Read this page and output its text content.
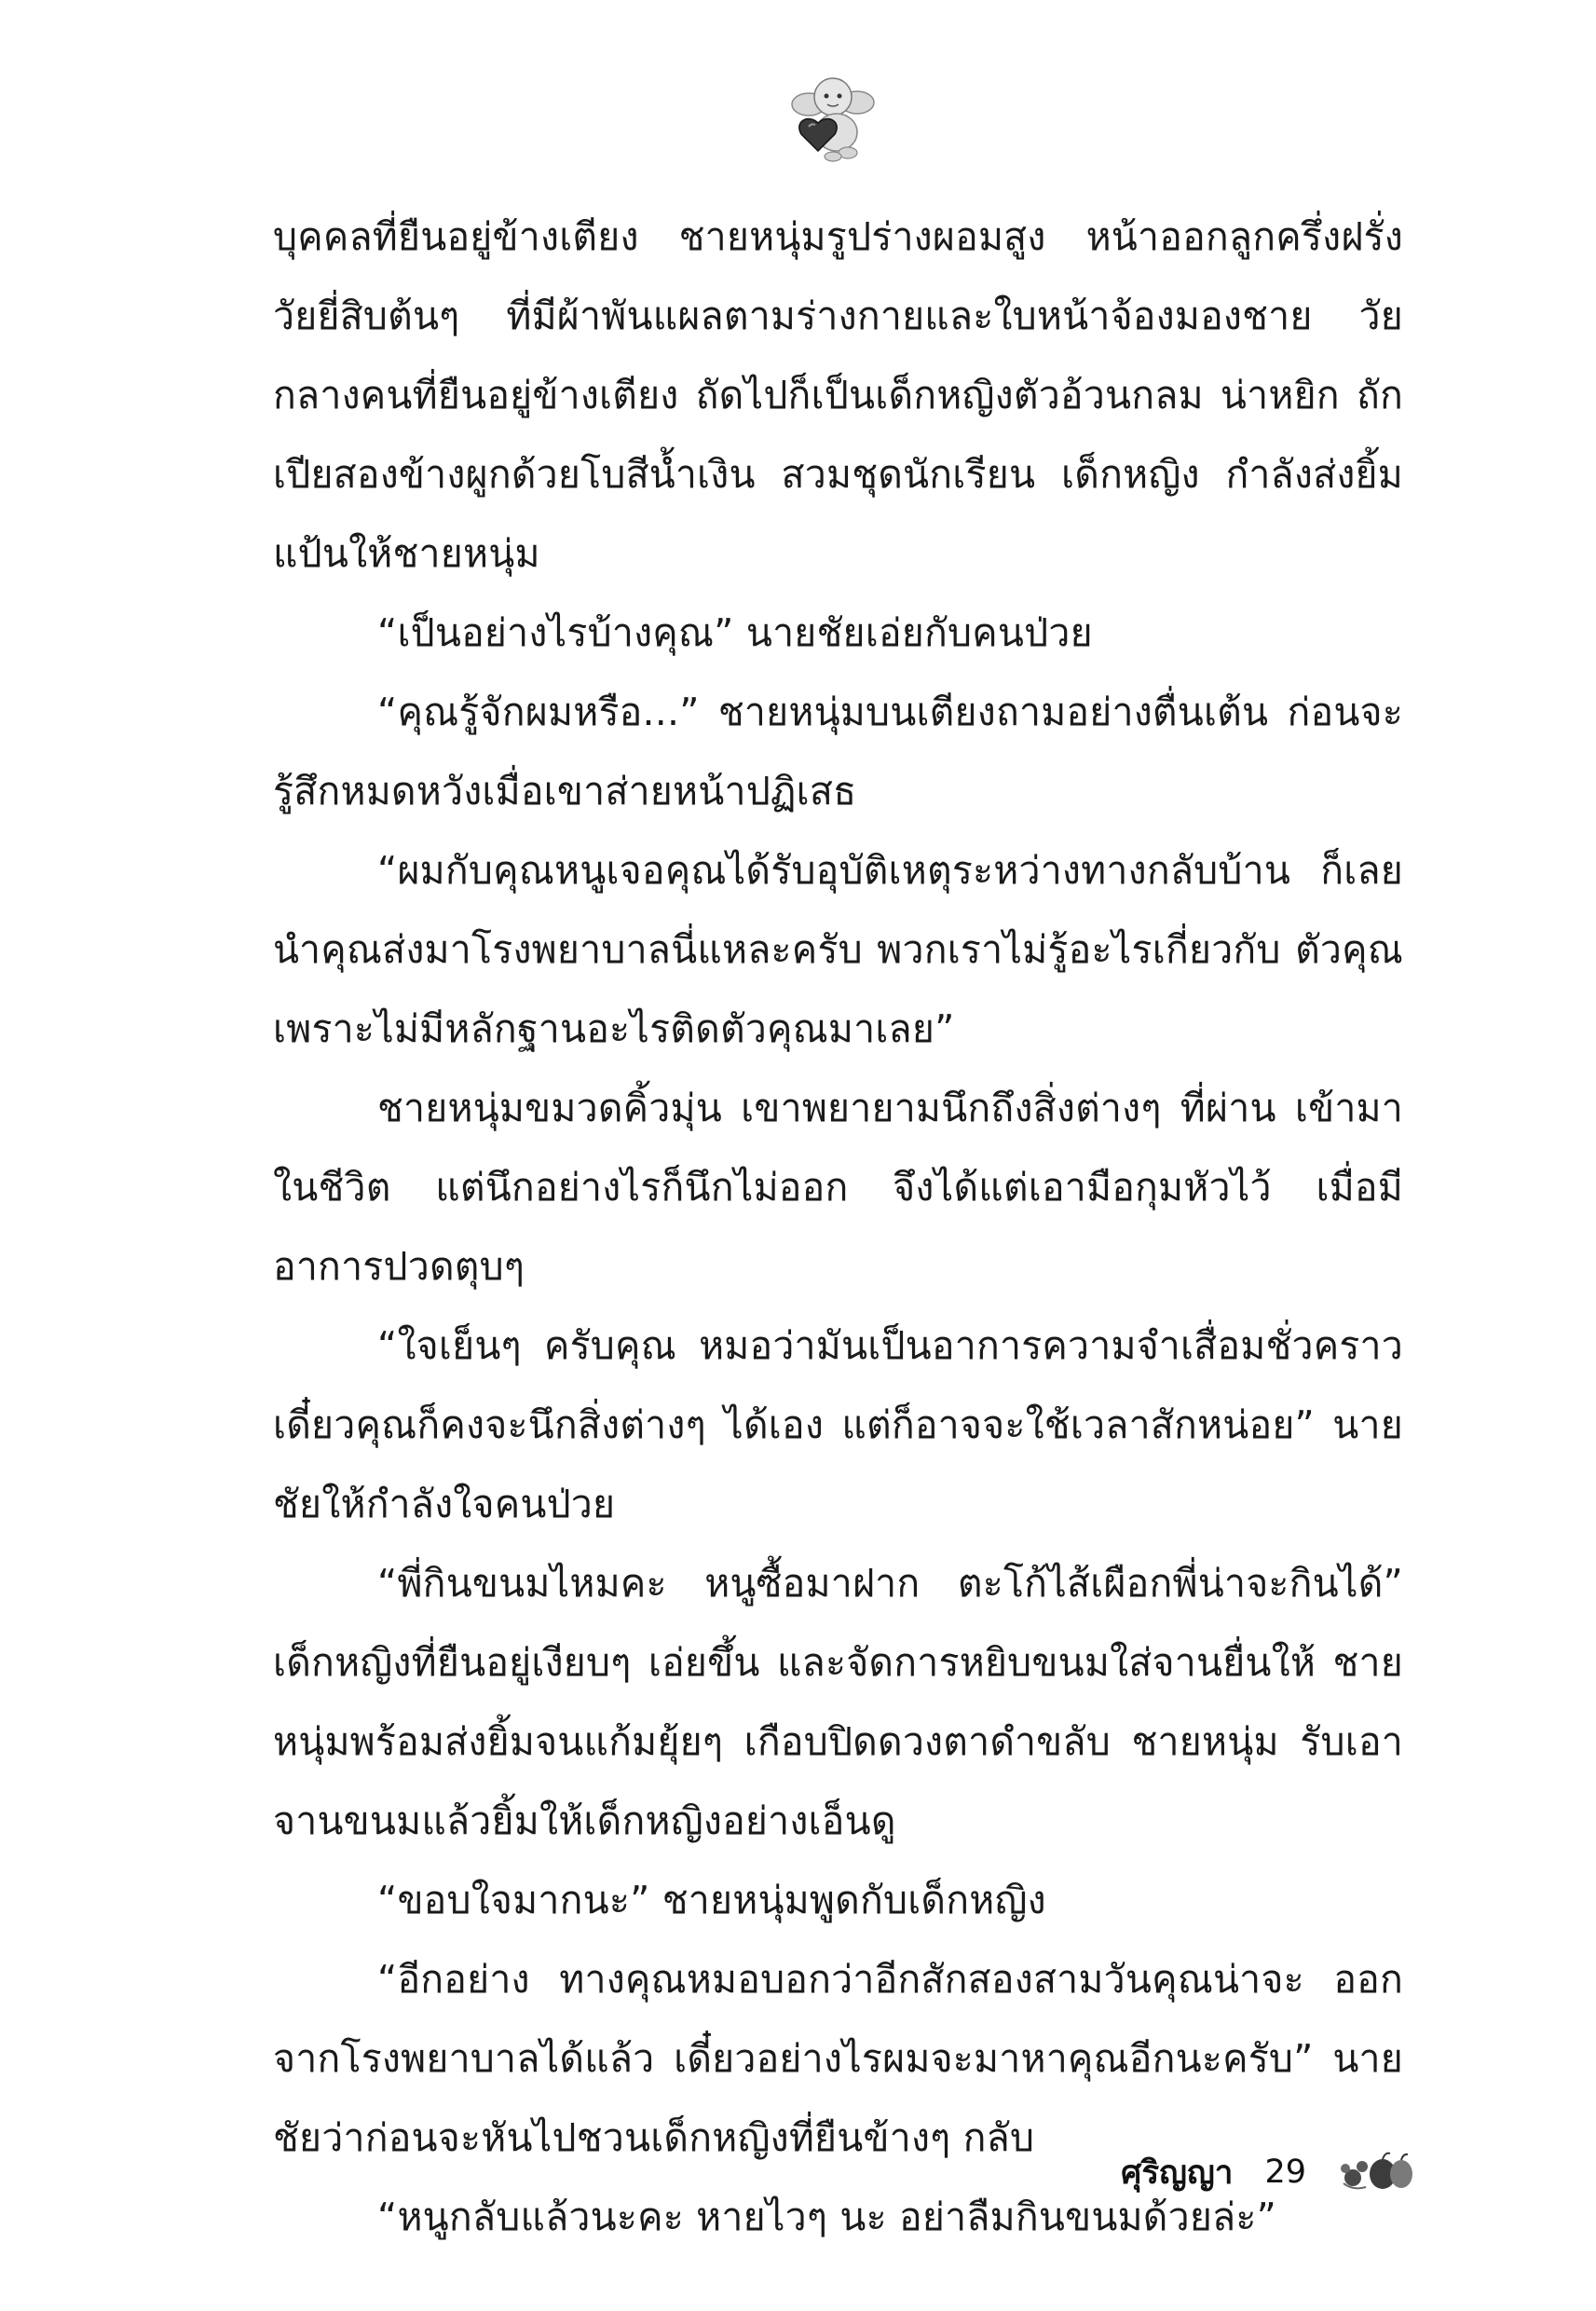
บุคคลที่ยืนอยู่ข้างเตียง ชายหนุ่มรูปร่างผอมสูง หน้าออกลูกครึ่งฝรั่ง วัยยี่สิบต้นๆ ที่มีผ้าพันแผลตามร่างกายและใบหน้าจ้องมองชาย วัยกลางคนที่ยืนอยู่ข้างเตียง ถัดไปก็เป็นเด็กหญิงตัวอ้วนกลม น่าหยิก ถักเปียสองข้างผูกด้วยโบสีน้ำเงิน สวมชุดนักเรียน เด็กหญิง กำลังส่งยิ้มแป้นให้ชายหนุ่ม

“เป็นอย่างไรบ้างคุณ” นายชัยเอ่ยกับคนป่วย

“คุณรู้จักผมหรือ...” ชายหนุ่มบนเตียงถามอย่างตื่นเต้น ก่อนจะรู้สึกหมดหวังเมื่อเขาส่ายหน้าปฏิเสธ

“ผมกับคุณหนูเจอคุณได้รับอุบัติเหตุระหว่างทางกลับบ้าน ก็เลยนำคุณส่งมาโรงพยาบาลนี่แหละครับ พวกเราไม่รู้อะไรเกี่ยวกับ ตัวคุณ เพราะไม่มีหลักฐานอะไรติดตัวคุณมาเลย”

ชายหนุ่มขมวดคิ้วมุ่น เขาพยายามนึกถึงสิ่งต่างๆ ที่ผ่าน เข้ามาในชีวิต แต่นึกอย่างไรก็นึกไม่ออก จึงได้แต่เอามือกุมหัวไว้ เมื่อมีอาการปวดตุบๆ

“ใจเย็นๆ ครับคุณ หมอว่ามันเป็นอาการความจำเสื่อมชั่วคราว เดี๋ยวคุณก็คงจะนึกสิ่งต่างๆ ได้เอง แต่ก็อาจจะใช้เวลาสักหน่อย” นายชัยให้กำลังใจคนป่วย

“พี่กินขนมไหมคะ หนูซื้อมาฝาก ตะโก้ไส้เผือกพี่น่าจะกินได้” เด็กหญิงที่ยืนอยู่เงียบๆ เอ่ยขึ้น และจัดการหยิบขนมใส่จานยื่นให้ ชายหนุ่มพร้อมส่งยิ้มจนแก้มยุ้ยๆ เกือบปิดดวงตาดำขลับ ชายหนุ่ม รับเอาจานขนมแล้วยิ้มให้เด็กหญิงอย่างเอ็นดู

“ขอบใจมากนะ” ชายหนุ่มพูดกับเด็กหญิง

“อีกอย่าง ทางคุณหมอบอกว่าอีกสักสองสามวันคุณน่าจะ ออกจากโรงพยาบาลได้แล้ว เดี๋ยวอย่างไรผมจะมาหาคุณอีกนะครับ” นายชัยว่าก่อนจะหันไปชวนเด็กหญิงที่ยืนข้างๆ กลับ

“หนูกลับแล้วนะคะ หายไวๆ นะ อย่าลืมกินขนมด้วยล่ะ”

ศุริญญา 29
